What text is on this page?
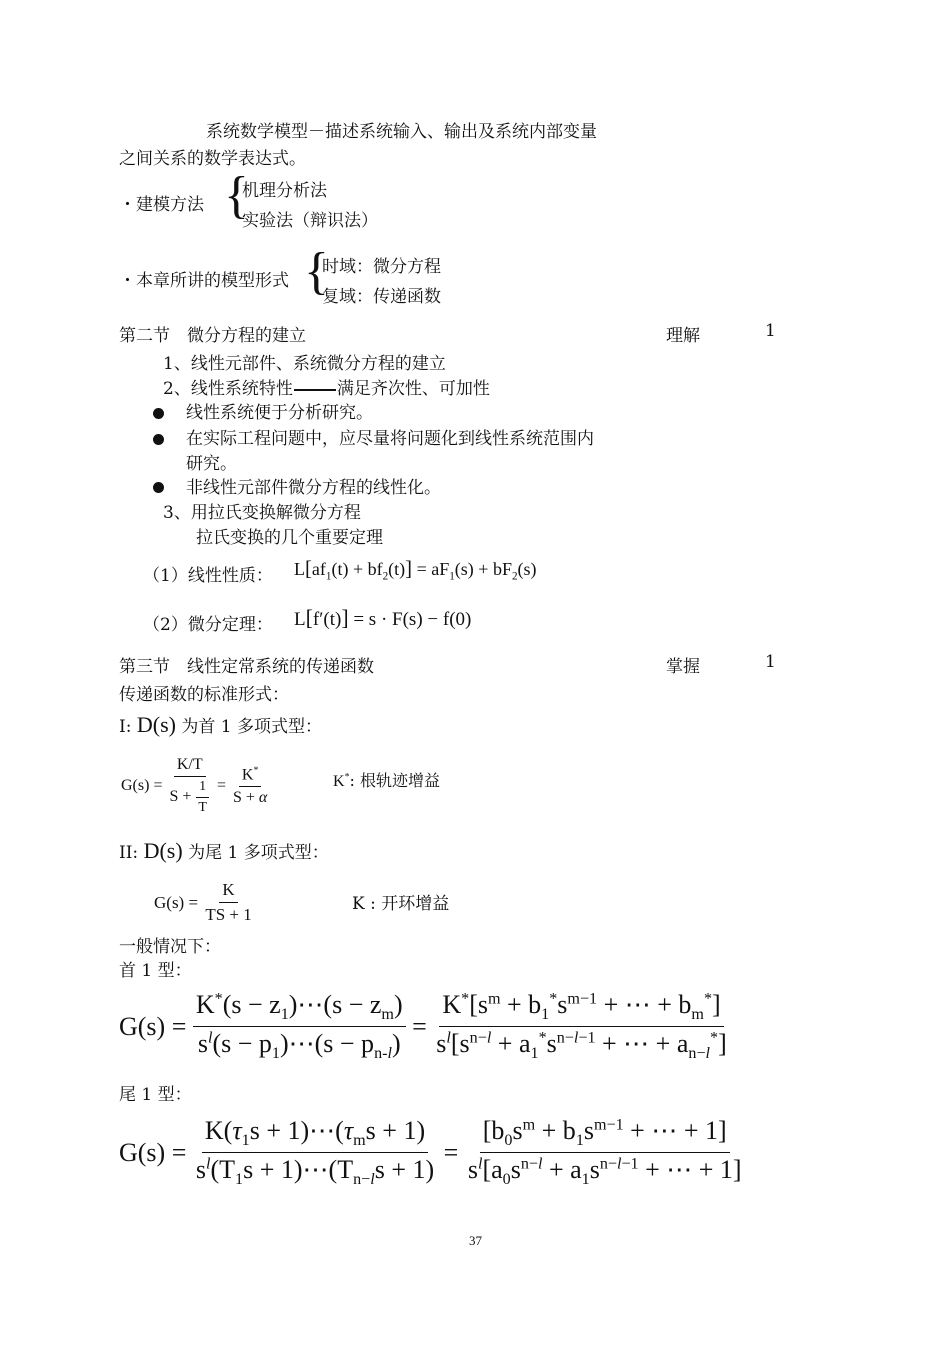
系统数学模型－描述系统输入、输出及系统内部变量
之间关系的数学表达式。
・建模方法 {
机理分析法
实验法（辩识法）
・本章所讲的模型形式 {
时域：微分方程
复域：传递函数
第二节　微分方程的建立	理解	1
1、线性元部件、系统微分方程的建立
2、线性系统特性	满足齐次性、可加性
线性系统便于分析研究。
在实际工程问题中，应尽量将问题化到线性系统范围内
研究。
非线性元部件微分方程的线性化。
3、用拉氏变换解微分方程
拉氏变换的几个重要定理
（1）线性性质： $L[af_1(t) + bf_2(t)] = aF_1(s) + bF_2(s)$
（2）微分定理： L[f′(t)] = s · F(s) − f(0)
第三节　线性定常系统的传递函数	掌握	1
传递函数的标准形式：
I: D(s) 为首 1 多项式型：
$G(s) = \frac{K/T}{S + \frac{1}{T}} = \frac{K^*}{S + \alpha}$	K*: 根轨迹增益
II: D(s) 为尾 1 多项式型：
$G(s) = \frac{K}{TS + 1}$	K : 开环增益
一般情况下：
首 1 型：
$G(s) = \frac{K^*(s - z_1)\cdots(s - z_m)}{s^l(s - p_1)\cdots(s - p_{n-l})} = \frac{K^*[s^m + b_1^*s^{m-1} + \cdots + b_m^*]}{s^l[s^{n-l} + a_1^*s^{n-l-1} + \cdots + a_{n-l}^*]}$
尾 1 型：
$G(s) = \frac{K(\tau_1s + 1)\cdots(\tau_ms + 1)}{s^l(T_1s + 1)\cdots(T_{n-l}s + 1)} = \frac{[b_0s^m + b_1s^{m-1} + \cdots + 1]}{s^l[a_0s^{n-l} + a_1s^{n-l-1} + \cdots + 1]}$
37
